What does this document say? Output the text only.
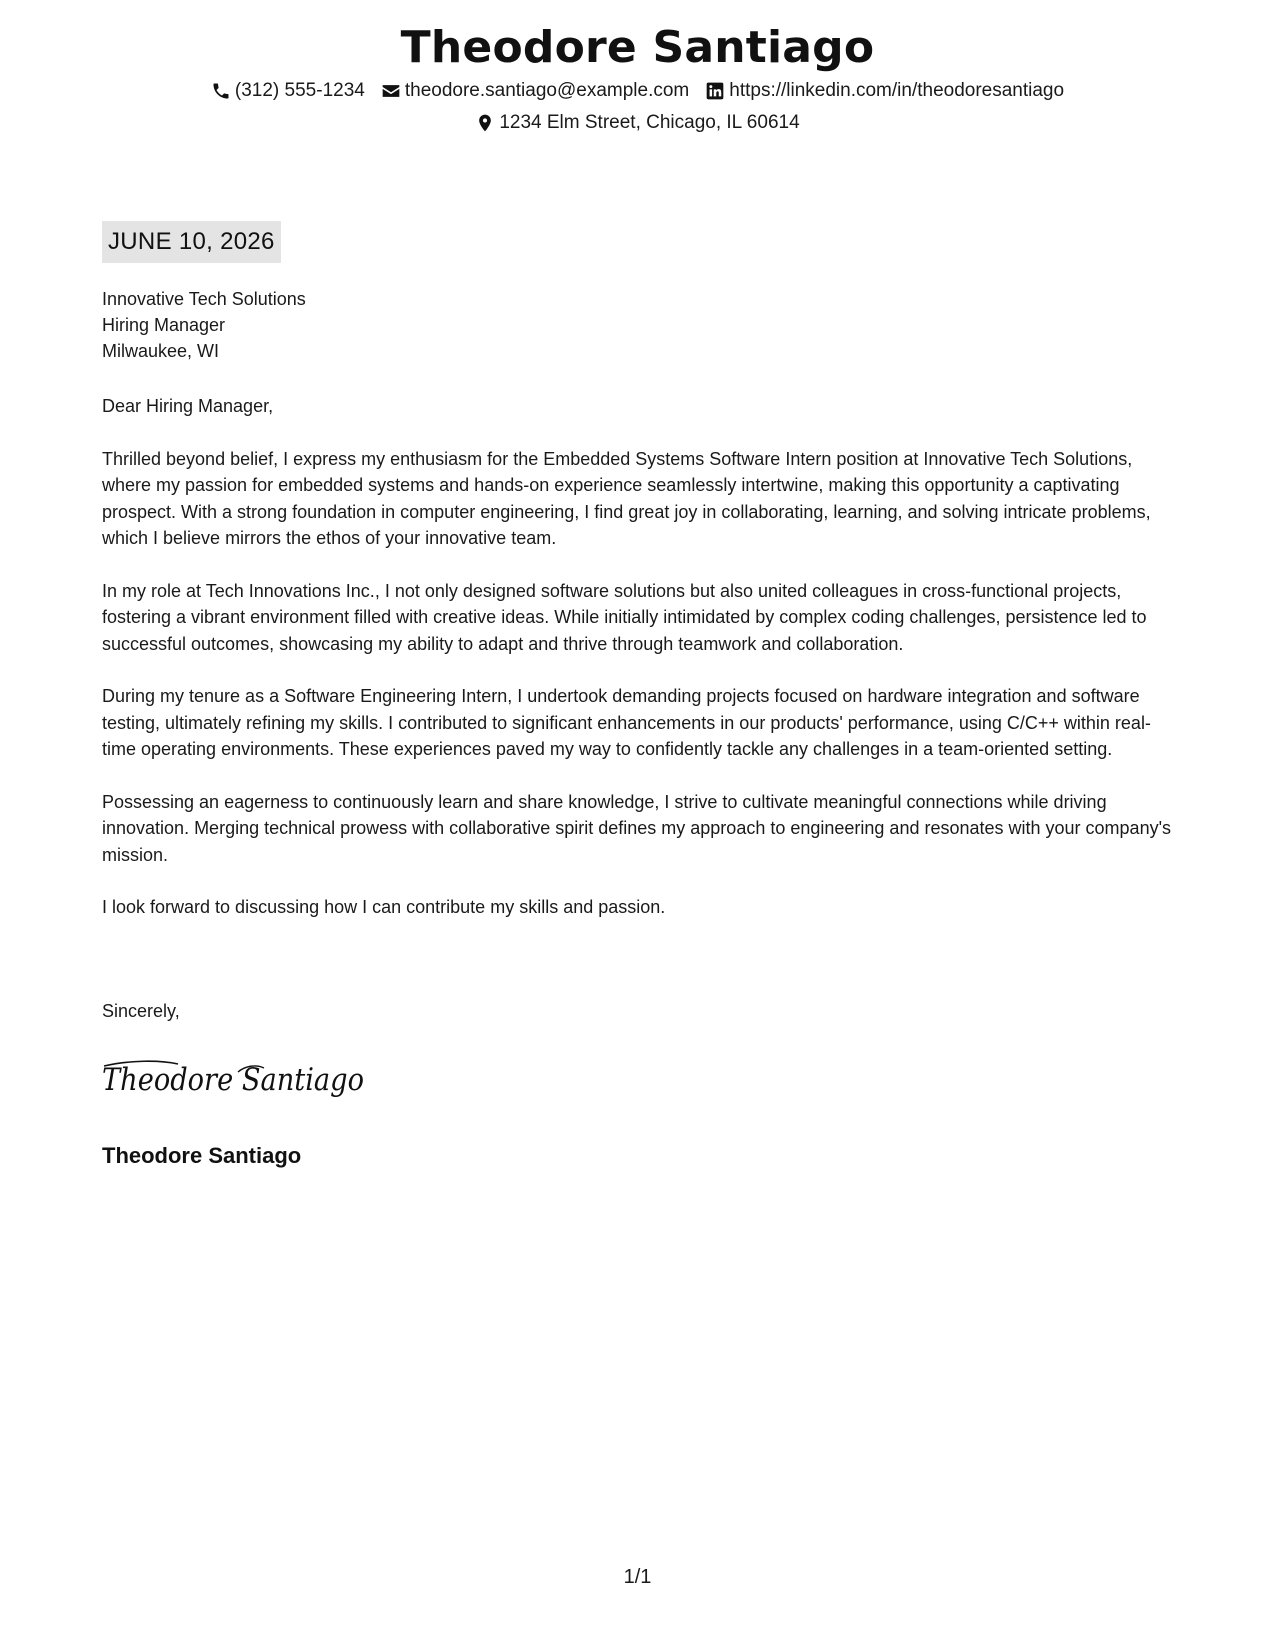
Theodore Santiago
(312) 555-1234 theodore.santiago@example.com https://linkedin.com/in/theodoresantiago
1234 Elm Street, Chicago, IL 60614
JUNE 10, 2026
Innovative Tech Solutions
Hiring Manager
Milwaukee, WI

Dear Hiring Manager,

Thrilled beyond belief, I express my enthusiasm for the Embedded Systems Software Intern position at Innovative Tech Solutions, where my passion for embedded systems and hands-on experience seamlessly intertwine, making this opportunity a captivating prospect. With a strong foundation in computer engineering, I find great joy in collaborating, learning, and solving intricate problems, which I believe mirrors the ethos of your innovative team.

In my role at Tech Innovations Inc., I not only designed software solutions but also united colleagues in cross-functional projects, fostering a vibrant environment filled with creative ideas. While initially intimidated by complex coding challenges, persistence led to successful outcomes, showcasing my ability to adapt and thrive through teamwork and collaboration.

During my tenure as a Software Engineering Intern, I undertook demanding projects focused on hardware integration and software testing, ultimately refining my skills. I contributed to significant enhancements in our products' performance, using C/C++ within real-time operating environments. These experiences paved my way to confidently tackle any challenges in a team-oriented setting.

Possessing an eagerness to continuously learn and share knowledge, I strive to cultivate meaningful connections while driving innovation. Merging technical prowess with collaborative spirit defines my approach to engineering and resonates with your company's mission.

I look forward to discussing how I can contribute my skills and passion.

Sincerely,
Theodore Santiago
Theodore Santiago
1/1
